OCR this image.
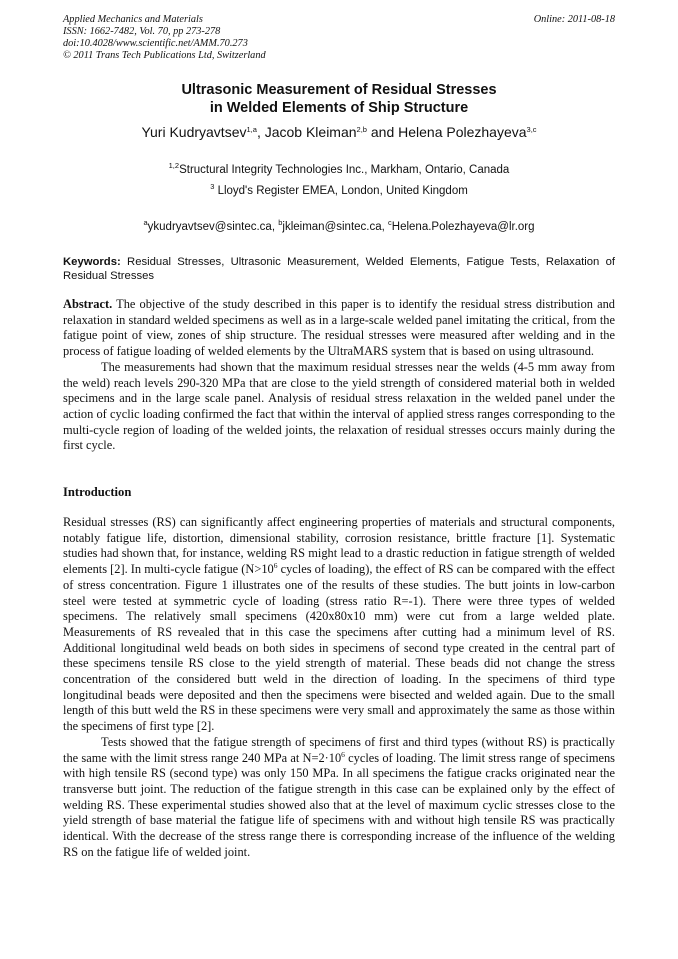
Applied Mechanics and Materials
ISSN: 1662-7482, Vol. 70, pp 273-278
doi:10.4028/www.scientific.net/AMM.70.273
© 2011 Trans Tech Publications Ltd, Switzerland
Online: 2011-08-18
Ultrasonic Measurement of Residual Stresses
in Welded Elements of Ship Structure
Yuri Kudryavtsev$^{1,a}$, Jacob Kleiman$^{2,b}$ and Helena Polezhayeva$^{3,c}$
$^{1,2}$Structural Integrity Technologies Inc., Markham, Ontario, Canada
$^3$ Lloyd's Register EMEA, London, United Kingdom
$^a$ykudryavtsev@sintec.ca, $^b$jkleiman@sintec.ca, $^c$Helena.Polezhayeva@lr.org
Keywords: Residual Stresses, Ultrasonic Measurement, Welded Elements, Fatigue Tests, Relaxation of Residual Stresses

Abstract. The objective of the study described in this paper is to identify the residual stress distribution and relaxation in standard welded specimens as well as in a large-scale welded panel imitating the critical, from the fatigue point of view, zones of ship structure. The residual stresses were measured after welding and in the process of fatigue loading of welded elements by the UltraMARS system that is based on using ultrasound.

The measurements had shown that the maximum residual stresses near the welds (4-5 mm away from the weld) reach levels 290-320 MPa that are close to the yield strength of considered material both in welded specimens and in the large scale panel. Analysis of residual stress relaxation in the welded panel under the action of cyclic loading confirmed the fact that within the interval of applied stress ranges corresponding to the multi-cycle region of loading of the welded joints, the relaxation of residual stresses occurs mainly during the first cycle.

Introduction

Residual stresses (RS) can significantly affect engineering properties of materials and structural components, notably fatigue life, distortion, dimensional stability, corrosion resistance, brittle fracture [1]. Systematic studies had shown that, for instance, welding RS might lead to a drastic reduction in fatigue strength of welded elements [2]. In multi-cycle fatigue ($N>10^6$ cycles of loading), the effect of RS can be compared with the effect of stress concentration. Figure 1 illustrates one of the results of these studies. The butt joints in low-carbon steel were tested at symmetric cycle of loading (stress ratio R=-1). There were three types of welded specimens. The relatively small specimens (420x80x10 mm) were cut from a large welded plate. Measurements of RS revealed that in this case the specimens after cutting had a minimum level of RS. Additional longitudinal weld beads on both sides in specimens of second type created in the central part of these specimens tensile RS close to the yield strength of material. These beads did not change the stress concentration of the considered butt weld in the direction of loading. In the specimens of third type longitudinal beads were deposited and then the specimens were bisected and welded again. Due to the small length of this butt weld the RS in these specimens were very small and approximately the same as those within the specimens of first type [2].

Tests showed that the fatigue strength of specimens of first and third types (without RS) is practically the same with the limit stress range 240 MPa at $N=2\cdot 10^6$ cycles of loading. The limit stress range of specimens with high tensile RS (second type) was only 150 MPa. In all specimens the fatigue cracks originated near the transverse butt joint. The reduction of the fatigue strength in this case can be explained only by the effect of welding RS. These experimental studies showed also that at the level of maximum cyclic stresses close to the yield strength of base material the fatigue life of specimens with and without high tensile RS was practically identical. With the decrease of the stress range there is corresponding increase of the influence of the welding RS on the fatigue life of welded joint.
